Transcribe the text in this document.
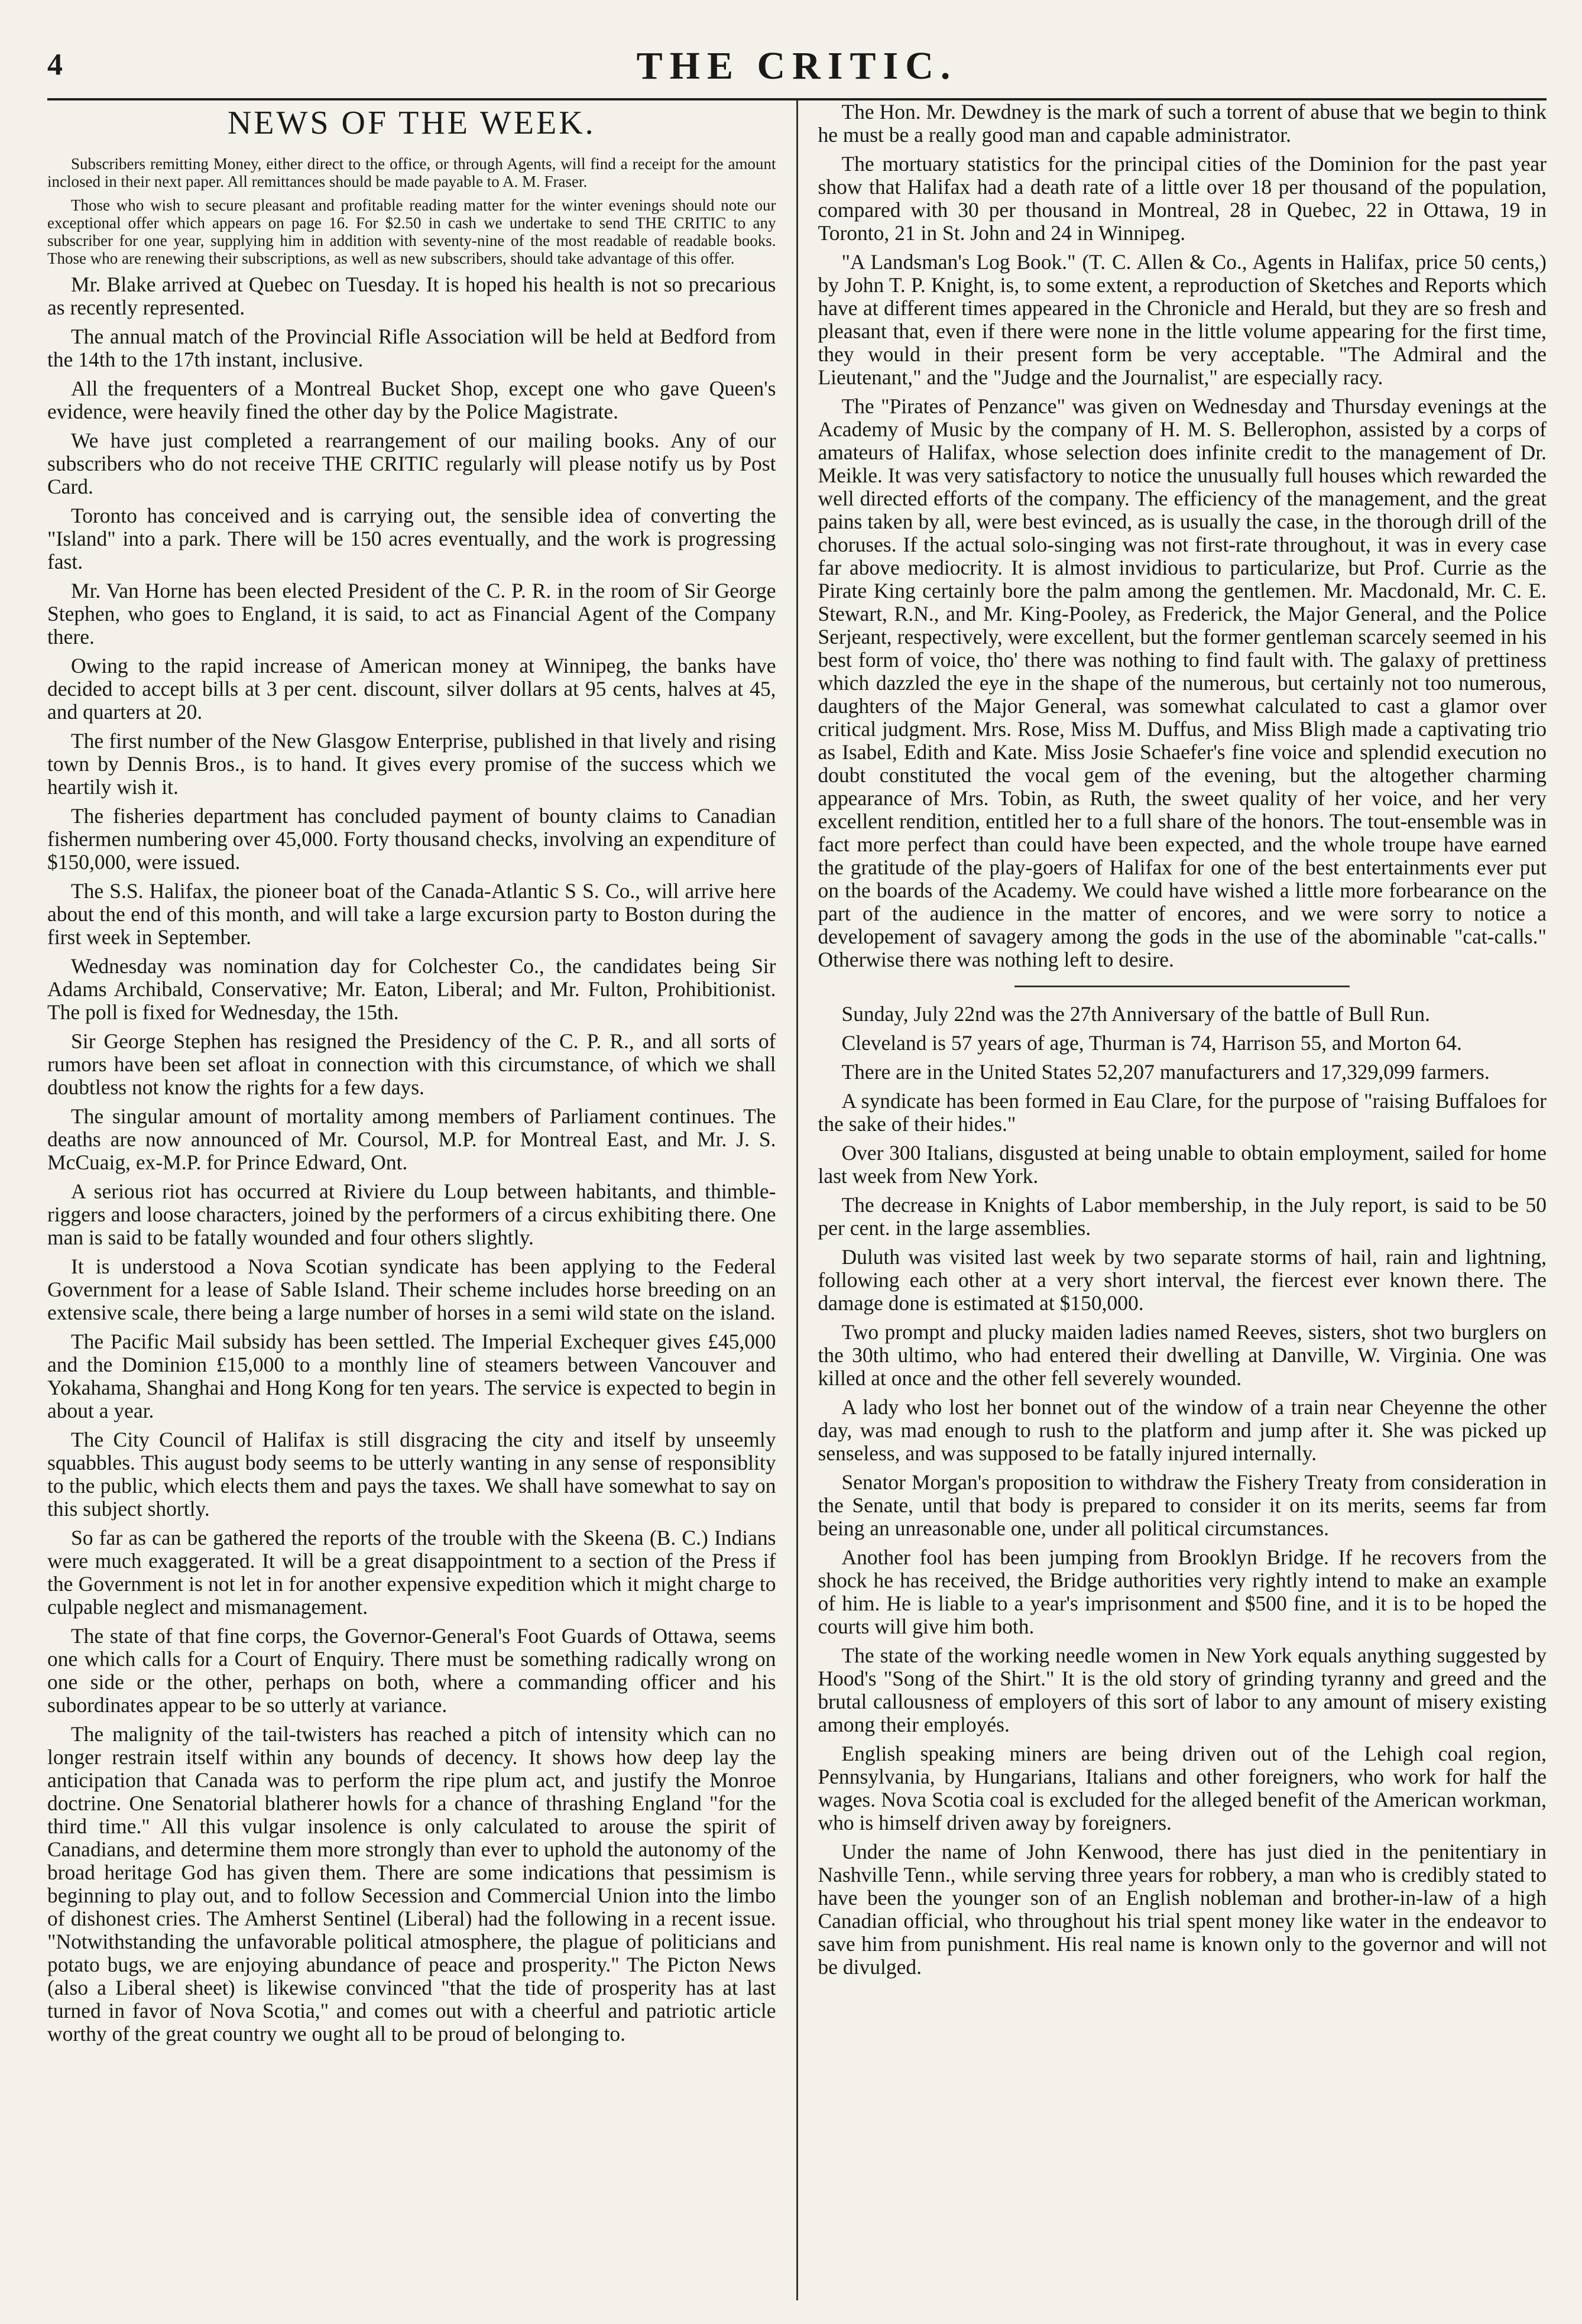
4	THE CRITIC.
NEWS OF THE WEEK.

Subscribers remitting Money, either direct to the office, or through Agents, will find a receipt for the amount inclosed in their next paper. All remittances should be made payable to A. M. Fraser.

Those who wish to secure pleasant and profitable reading matter for the winter evenings should note our exceptional offer which appears on page 16. For $2.50 in cash we undertake to send THE CRITIC to any subscriber for one year, supplying him in addition with seventy-nine of the most readable of readable books. Those who are renewing their subscriptions, as well as new subscribers, should take advantage of this offer.

Mr. Blake arrived at Quebec on Tuesday. It is hoped his health is not so precarious as recently represented.

The annual match of the Provincial Rifle Association will be held at Bedford from the 14th to the 17th instant, inclusive.

All the frequenters of a Montreal Bucket Shop, except one who gave Queen's evidence, were heavily fined the other day by the Police Magistrate.

We have just completed a rearrangement of our mailing books. Any of our subscribers who do not receive THE CRITIC regularly will please notify us by Post Card.

Toronto has conceived and is carrying out, the sensible idea of converting the "Island" into a park. There will be 150 acres eventually, and the work is progressing fast.

Mr. Van Horne has been elected President of the C. P. R. in the room of Sir George Stephen, who goes to England, it is said, to act as Financial Agent of the Company there.

Owing to the rapid increase of American money at Winnipeg, the banks have decided to accept bills at 3 per cent. discount, silver dollars at 95 cents, halves at 45, and quarters at 20.

The first number of the New Glasgow Enterprise, published in that lively and rising town by Dennis Bros., is to hand. It gives every promise of the success which we heartily wish it.

The fisheries department has concluded payment of bounty claims to Canadian fishermen numbering over 45,000. Forty thousand checks, involving an expenditure of $150,000, were issued.

The S.S. Halifax, the pioneer boat of the Canada-Atlantic S S. Co., will arrive here about the end of this month, and will take a large excursion party to Boston during the first week in September.

Wednesday was nomination day for Colchester Co., the candidates being Sir Adams Archibald, Conservative; Mr. Eaton, Liberal; and Mr. Fulton, Prohibitionist. The poll is fixed for Wednesday, the 15th.

Sir George Stephen has resigned the Presidency of the C. P. R., and all sorts of rumors have been set afloat in connection with this circumstance, of which we shall doubtless not know the rights for a few days.

The singular amount of mortality among members of Parliament continues. The deaths are now announced of Mr. Coursol, M.P. for Montreal East, and Mr. J. S. McCuaig, ex-M.P. for Prince Edward, Ont.

A serious riot has occurred at Riviere du Loup between habitants, and thimble-riggers and loose characters, joined by the performers of a circus exhibiting there. One man is said to be fatally wounded and four others slightly.

It is understood a Nova Scotian syndicate has been applying to the Federal Government for a lease of Sable Island. Their scheme includes horse breeding on an extensive scale, there being a large number of horses in a semi wild state on the island.

The Pacific Mail subsidy has been settled. The Imperial Exchequer gives £45,000 and the Dominion £15,000 to a monthly line of steamers between Vancouver and Yokahama, Shanghai and Hong Kong for ten years. The service is expected to begin in about a year.

The City Council of Halifax is still disgracing the city and itself by unseemly squabbles. This august body seems to be utterly wanting in any sense of responsiblity to the public, which elects them and pays the taxes. We shall have somewhat to say on this subject shortly.

So far as can be gathered the reports of the trouble with the Skeena (B. C.) Indians were much exaggerated. It will be a great disappointment to a section of the Press if the Government is not let in for another expensive expedition which it might charge to culpable neglect and mismanagement.

The state of that fine corps, the Governor-General's Foot Guards of Ottawa, seems one which calls for a Court of Enquiry. There must be something radically wrong on one side or the other, perhaps on both, where a commanding officer and his subordinates appear to be so utterly at variance.

The malignity of the tail-twisters has reached a pitch of intensity which can no longer restrain itself within any bounds of decency. It shows how deep lay the anticipation that Canada was to perform the ripe plum act, and justify the Monroe doctrine. One Senatorial blatherer howls for a chance of thrashing England "for the third time." All this vulgar insolence is only calculated to arouse the spirit of Canadians, and determine them more strongly than ever to uphold the autonomy of the broad heritage God has given them. There are some indications that pessimism is beginning to play out, and to follow Secession and Commercial Union into the limbo of dishonest cries. The Amherst Sentinel (Liberal) had the following in a recent issue. "Notwithstanding the unfavorable political atmosphere, the plague of politicians and potato bugs, we are enjoying abundance of peace and prosperity." The Picton News (also a Liberal sheet) is likewise convinced "that the tide of prosperity has at last turned in favor of Nova Scotia," and comes out with a cheerful and patriotic article worthy of the great country we ought all to be proud of belonging to.

The Hon. Mr. Dewdney is the mark of such a torrent of abuse that we begin to think he must be a really good man and capable administrator.

The mortuary statistics for the principal cities of the Dominion for the past year show that Halifax had a death rate of a little over 18 per thousand of the population, compared with 30 per thousand in Montreal, 28 in Quebec, 22 in Ottawa, 19 in Toronto, 21 in St. John and 24 in Winnipeg.

"A Landsman's Log Book." (T. C. Allen & Co., Agents in Halifax, price 50 cents,) by John T. P. Knight, is, to some extent, a reproduction of Sketches and Reports which have at different times appeared in the Chronicle and Herald, but they are so fresh and pleasant that, even if there were none in the little volume appearing for the first time, they would in their present form be very acceptable. "The Admiral and the Lieutenant," and the "Judge and the Journalist," are especially racy.

The "Pirates of Penzance" was given on Wednesday and Thursday evenings at the Academy of Music by the company of H. M. S. Bellerophon, assisted by a corps of amateurs of Halifax, whose selection does infinite credit to the management of Dr. Meikle. It was very satisfactory to notice the unusually full houses which rewarded the well directed efforts of the company. The efficiency of the management, and the great pains taken by all, were best evinced, as is usually the case, in the thorough drill of the choruses. If the actual solo-singing was not first-rate throughout, it was in every case far above mediocrity. It is almost invidious to particularize, but Prof. Currie as the Pirate King certainly bore the palm among the gentlemen. Mr. Macdonald, Mr. C. E. Stewart, R.N., and Mr. King-Pooley, as Frederick, the Major General, and the Police Serjeant, respectively, were excellent, but the former gentleman scarcely seemed in his best form of voice, tho' there was nothing to find fault with. The galaxy of prettiness which dazzled the eye in the shape of the numerous, but certainly not too numerous, daughters of the Major General, was somewhat calculated to cast a glamor over critical judgment. Mrs. Rose, Miss M. Duffus, and Miss Bligh made a captivating trio as Isabel, Edith and Kate. Miss Josie Schaefer's fine voice and splendid execution no doubt constituted the vocal gem of the evening, but the altogether charming appearance of Mrs. Tobin, as Ruth, the sweet quality of her voice, and her very excellent rendition, entitled her to a full share of the honors. The tout-ensemble was in fact more perfect than could have been expected, and the whole troupe have earned the gratitude of the play-goers of Halifax for one of the best entertainments ever put on the boards of the Academy. We could have wished a little more forbearance on the part of the audience in the matter of encores, and we were sorry to notice a developement of savagery among the gods in the use of the abominable "cat-calls." Otherwise there was nothing left to desire.

Sunday, July 22nd was the 27th Anniversary of the battle of Bull Run.

Cleveland is 57 years of age, Thurman is 74, Harrison 55, and Morton 64.

There are in the United States 52,207 manufacturers and 17,329,099 farmers.

A syndicate has been formed in Eau Clare, for the purpose of "raising Buffaloes for the sake of their hides."

Over 300 Italians, disgusted at being unable to obtain employment, sailed for home last week from New York.

The decrease in Knights of Labor membership, in the July report, is said to be 50 per cent. in the large assemblies.

Duluth was visited last week by two separate storms of hail, rain and lightning, following each other at a very short interval, the fiercest ever known there. The damage done is estimated at $150,000.

Two prompt and plucky maiden ladies named Reeves, sisters, shot two burglers on the 30th ultimo, who had entered their dwelling at Danville, W. Virginia. One was killed at once and the other fell severely wounded.

A lady who lost her bonnet out of the window of a train near Cheyenne the other day, was mad enough to rush to the platform and jump after it. She was picked up senseless, and was supposed to be fatally injured internally.

Senator Morgan's proposition to withdraw the Fishery Treaty from consideration in the Senate, until that body is prepared to consider it on its merits, seems far from being an unreasonable one, under all political circumstances.

Another fool has been jumping from Brooklyn Bridge. If he recovers from the shock he has received, the Bridge authorities very rightly intend to make an example of him. He is liable to a year's imprisonment and $500 fine, and it is to be hoped the courts will give him both.

The state of the working needle women in New York equals anything suggested by Hood's "Song of the Shirt." It is the old story of grinding tyranny and greed and the brutal callousness of employers of this sort of labor to any amount of misery existing among their employés.

English speaking miners are being driven out of the Lehigh coal region, Pennsylvania, by Hungarians, Italians and other foreigners, who work for half the wages. Nova Scotia coal is excluded for the alleged benefit of the American workman, who is himself driven away by foreigners.

Under the name of John Kenwood, there has just died in the penitentiary in Nashville Tenn., while serving three years for robbery, a man who is credibly stated to have been the younger son of an English nobleman and brother-in-law of a high Canadian official, who throughout his trial spent money like water in the endeavor to save him from punishment. His real name is known only to the governor and will not be divulged.
